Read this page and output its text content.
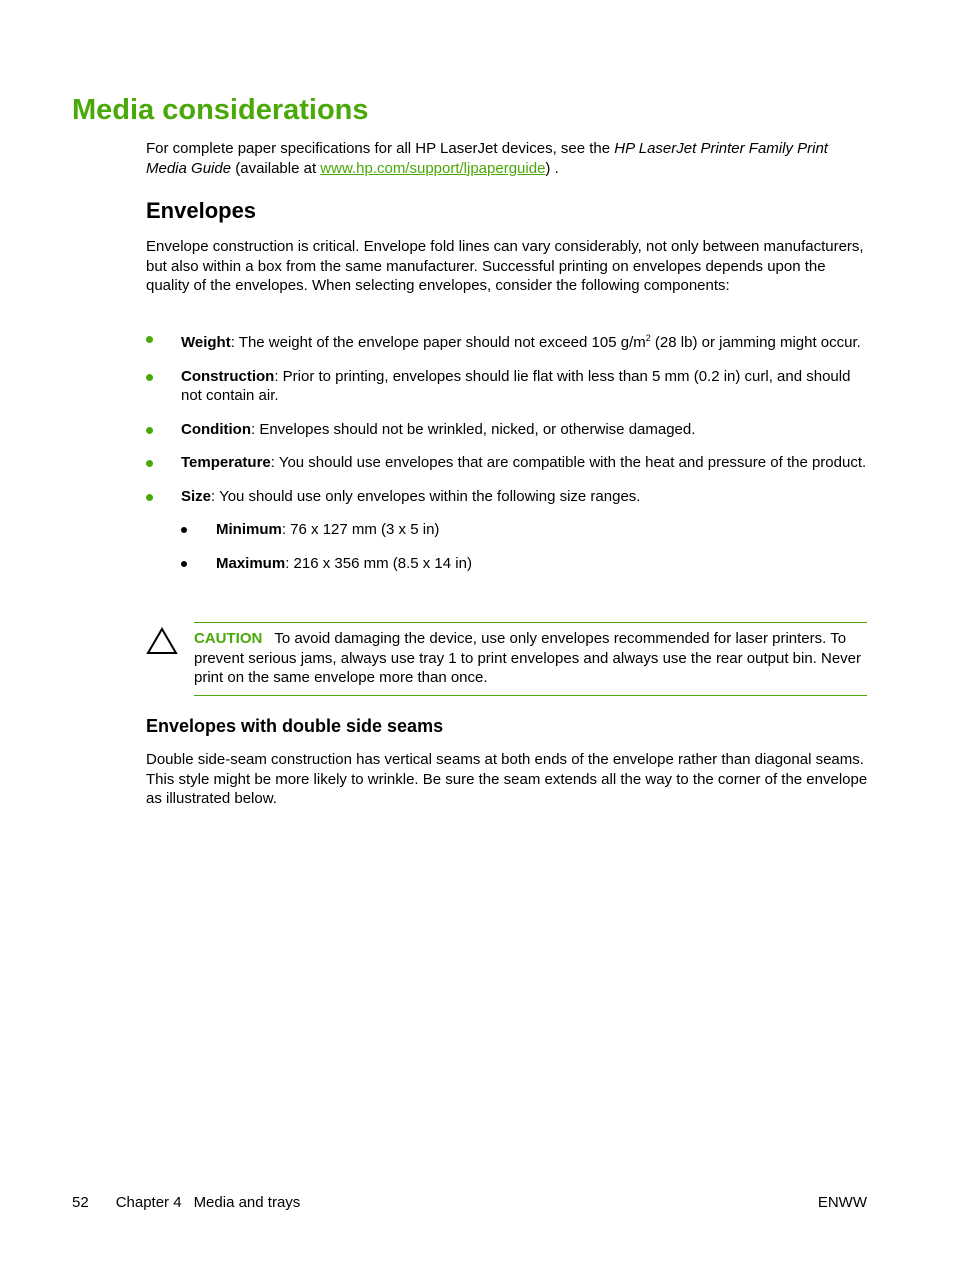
Media considerations
For complete paper specifications for all HP LaserJet devices, see the HP LaserJet Printer Family Print Media Guide (available at www.hp.com/support/ljpaperguide) .
Envelopes
Envelope construction is critical. Envelope fold lines can vary considerably, not only between manufacturers, but also within a box from the same manufacturer. Successful printing on envelopes depends upon the quality of the envelopes. When selecting envelopes, consider the following components:
Weight: The weight of the envelope paper should not exceed 105 $g/m^2$ (28 lb) or jamming might occur.
Construction: Prior to printing, envelopes should lie flat with less than 5 mm (0.2 in) curl, and should not contain air.
Condition: Envelopes should not be wrinkled, nicked, or otherwise damaged.
Temperature: You should use envelopes that are compatible with the heat and pressure of the product.
Size: You should use only envelopes within the following size ranges.
Minimum: 76 x 127 mm (3 x 5 in)
Maximum: 216 x 356 mm (8.5 x 14 in)
CAUTION To avoid damaging the device, use only envelopes recommended for laser printers. To prevent serious jams, always use tray 1 to print envelopes and always use the rear output bin. Never print on the same envelope more than once.
Envelopes with double side seams
Double side-seam construction has vertical seams at both ends of the envelope rather than diagonal seams. This style might be more likely to wrinkle. Be sure the seam extends all the way to the corner of the envelope as illustrated below.
52 Chapter 4 Media and trays	ENWW
